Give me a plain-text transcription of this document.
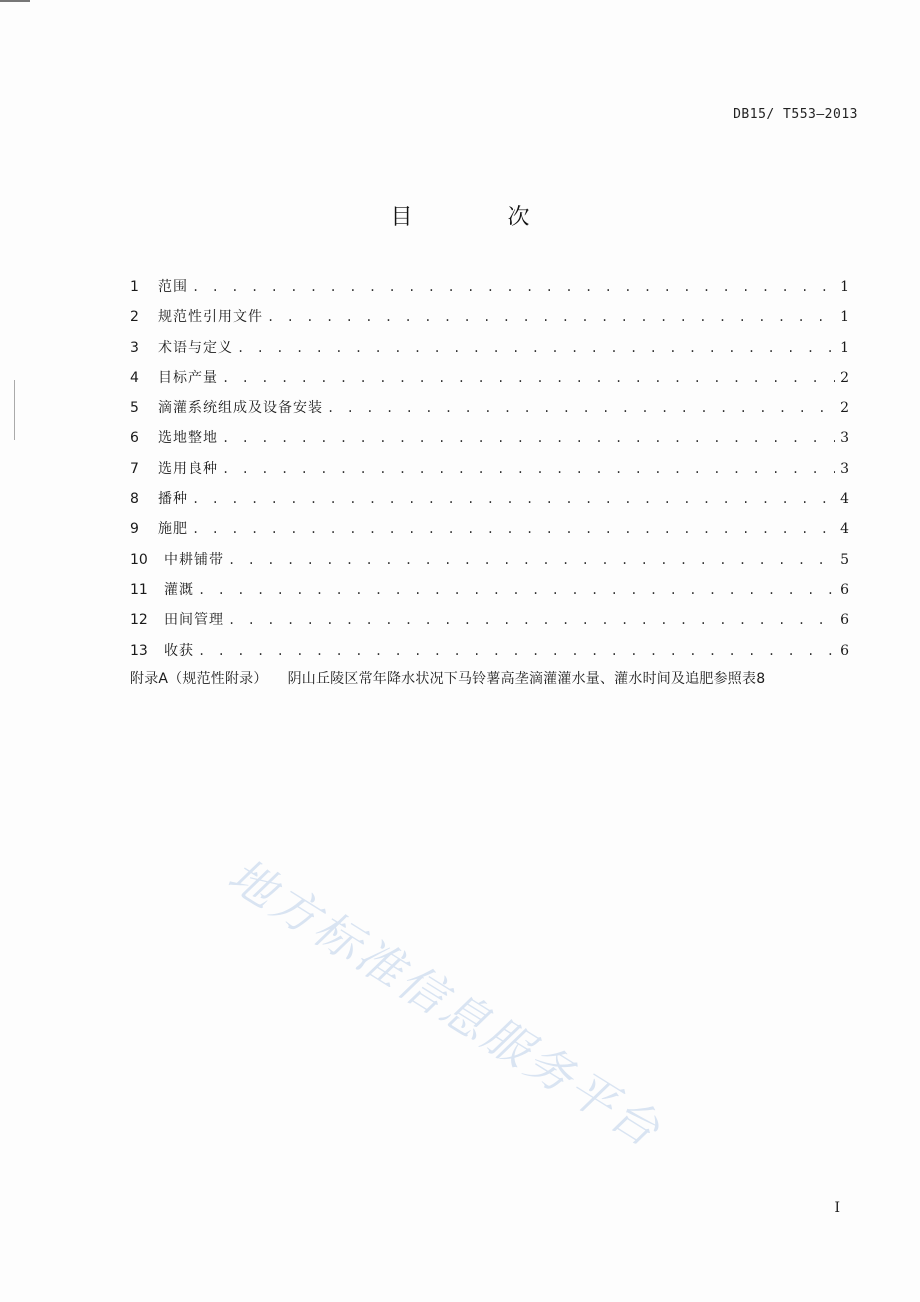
DB15/ T553—2013
目 次
1	范围 . . .	1
2	规范性引用文件 . . .	1
3	术语与定义 . . .	1
4	目标产量 . . .	2
5	滴灌系统组成及设备安装 . . .	2
6	选地整地 . . .	3
7	选用良种 . . .	3
8	播种 . . .	4
9	施肥 . . .	4
10	中耕铺带 . . .	5
11	灌溉 . . .	6
12	田间管理 . . .	6
13	收获 . . .	6
附录A（规范性附录） 阴山丘陵区常年降水状况下马铃薯高垄滴灌灌水量、灌水时间及追肥参照表8
地方标准信息服务平台
I
